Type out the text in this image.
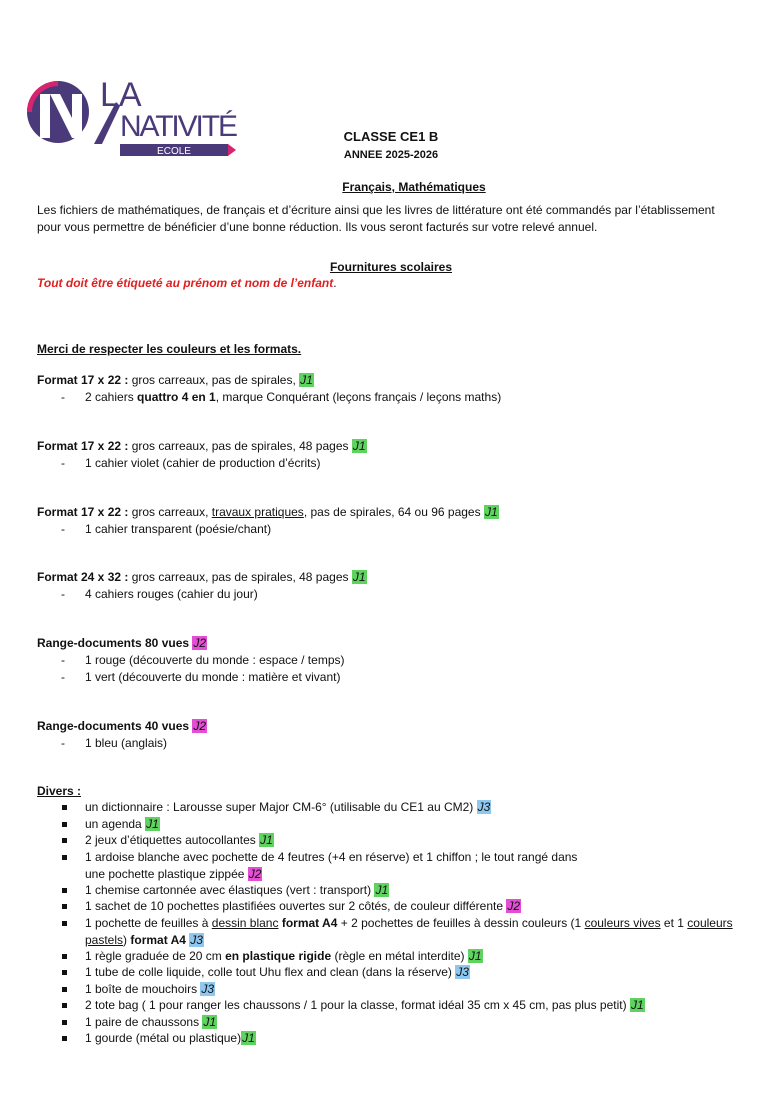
LA
NATIVITÉ
ECOLE
CLASSE CE1 B
ANNEE 2025-2026
Français, Mathématiques

Les fichiers de mathématiques, de français et d’écriture ainsi que les livres de littérature ont été commandés par l’établissement

pour vous permettre de bénéficier d’une bonne réduction. Ils vous seront facturés sur votre relevé annuel.

Fournitures scolaires
Tout doit être étiqueté au prénom et nom de l’enfant.
Merci de respecter les couleurs et les formats.
Format 17 x 22 : gros carreaux, pas de spirales, J1
- 2 cahiers quattro 4 en 1, marque Conquérant (leçons français / leçons maths)
Format 17 x 22 : gros carreaux, pas de spirales, 48 pages J1
- 1 cahier violet (cahier de production d’écrits)
Format 17 x 22 : gros carreaux, travaux pratiques, pas de spirales, 64 ou 96 pages J1
- 1 cahier transparent (poésie/chant)
Format 24 x 32 : gros carreaux, pas de spirales, 48 pages J1
- 4 cahiers rouges (cahier du jour)
Range-documents 80 vues J2
- 1 rouge (découverte du monde : espace / temps)
- 1 vert (découverte du monde : matière et vivant)
Range-documents 40 vues J2
- 1 bleu (anglais)
Divers :
un dictionnaire : Larousse super Major CM-6° (utilisable du CE1 au CM2) J3
un agenda J1
2 jeux d’étiquettes autocollantes J1

1 ardoise blanche avec pochette de 4 feutres (+4 en réserve) et 1 chiffon ; le tout rangé dans

une pochette plastique zippée J2

1 chemise cartonnée avec élastiques (vert : transport) J1
1 sachet de 10 pochettes plastifiées ouvertes sur 2 côtés, de couleur différente J2

1 pochette de feuilles à dessin blanc format A4 + 2 pochettes de feuilles à dessin couleurs (1 couleurs vives et 1 couleurs

pastels) format A4 J3

1 règle graduée de 20 cm en plastique rigide (règle en métal interdite) J1
1 tube de colle liquide, colle tout Uhu flex and clean (dans la réserve) J3
1 boîte de mouchoirs J3
2 tote bag ( 1 pour ranger les chaussons / 1 pour la classe, format idéal 35 cm x 45 cm, pas plus petit) J1
1 paire de chaussons J1
1 gourde (métal ou plastique)J1
